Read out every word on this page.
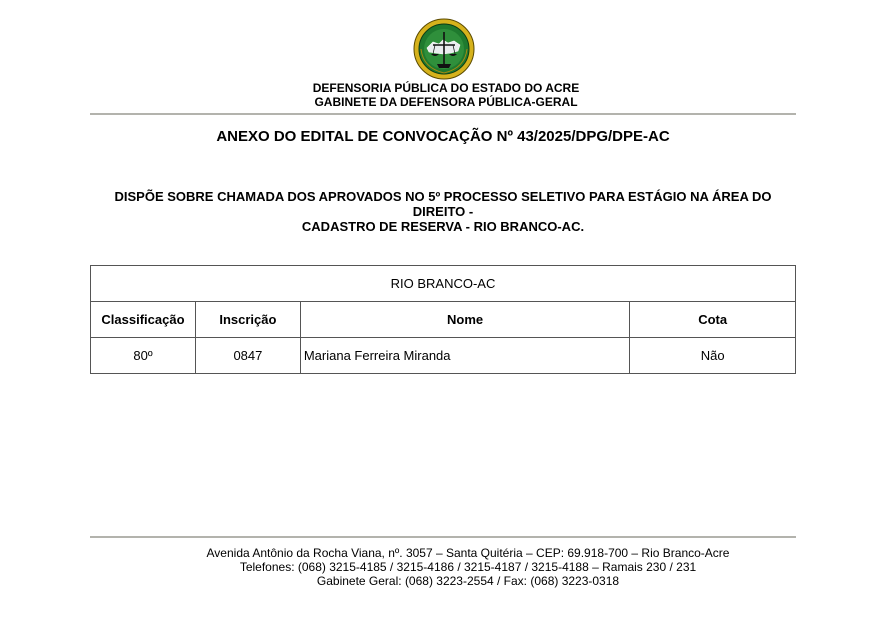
DEFENSORIA PÚBLICA DO ESTADO DO ACRE
GABINETE DA DEFENSORA PÚBLICA-GERAL
ANEXO DO EDITAL DE CONVOCAÇÃO Nº 43/2025/DPG/DPE-AC
DISPÕE SOBRE CHAMADA DOS APROVADOS NO 5º PROCESSO SELETIVO PARA ESTÁGIO NA ÁREA DO DIREITO -
CADASTRO DE RESERVA - RIO BRANCO-AC.
RIO BRANCO-AC			
Classificação	Inscrição	Nome	Cota
80º	0847	Mariana Ferreira Miranda	Não
Avenida Antônio da Rocha Viana, nº. 3057 – Santa Quitéria – CEP: 69.918-700 – Rio Branco-Acre
Telefones: (068) 3215-4185 / 3215-4186 / 3215-4187 / 3215-4188 – Ramais 230 / 231
Gabinete Geral: (068) 3223-2554 / Fax: (068) 3223-0318
